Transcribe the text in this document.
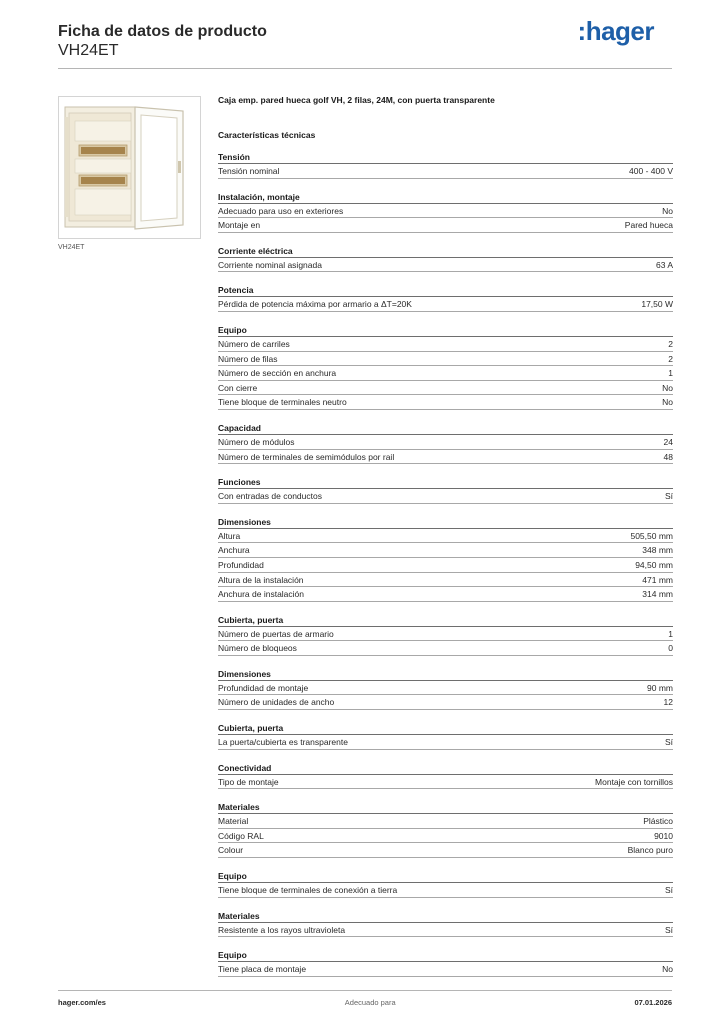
Ficha de datos de producto
VH24ET
:hager
VH24ET
Caja emp. pared hueca golf VH, 2 filas, 24M, con puerta transparente
Características técnicas
Tensión
Tensión nominal	400 - 400 V
Instalación, montaje
Adecuado para uso en exteriores	No
Montaje en	Pared hueca
Corriente eléctrica
Corriente nominal asignada	63 A
Potencia
Pérdida de potencia máxima por armario a ΔT=20K	17,50 W
Equipo
Número de carriles	2
Número de filas	2
Número de sección en anchura	1
Con cierre	No
Tiene bloque de terminales neutro	No
Capacidad
Número de módulos	24
Número de terminales de semimódulos por rail	48
Funciones
Con entradas de conductos	Sí
Dimensiones
Altura	505,50 mm
Anchura	348 mm
Profundidad	94,50 mm
Altura de la instalación	471 mm
Anchura de instalación	314 mm
Cubierta, puerta
Número de puertas de armario	1
Número de bloqueos	0
Dimensiones
Profundidad de montaje	90 mm
Número de unidades de ancho	12
Cubierta, puerta
La puerta/cubierta es transparente	Sí
Conectividad
Tipo de montaje	Montaje con tornillos
Materiales
Material	Plástico
Código RAL	9010
Colour	Blanco puro
Equipo
Tiene bloque de terminales de conexión a tierra	Sí
Materiales
Resistente a los rayos ultravioleta	Sí
Equipo
Tiene placa de montaje	No
hager.com/es	Adecuado para	07.01.2026
